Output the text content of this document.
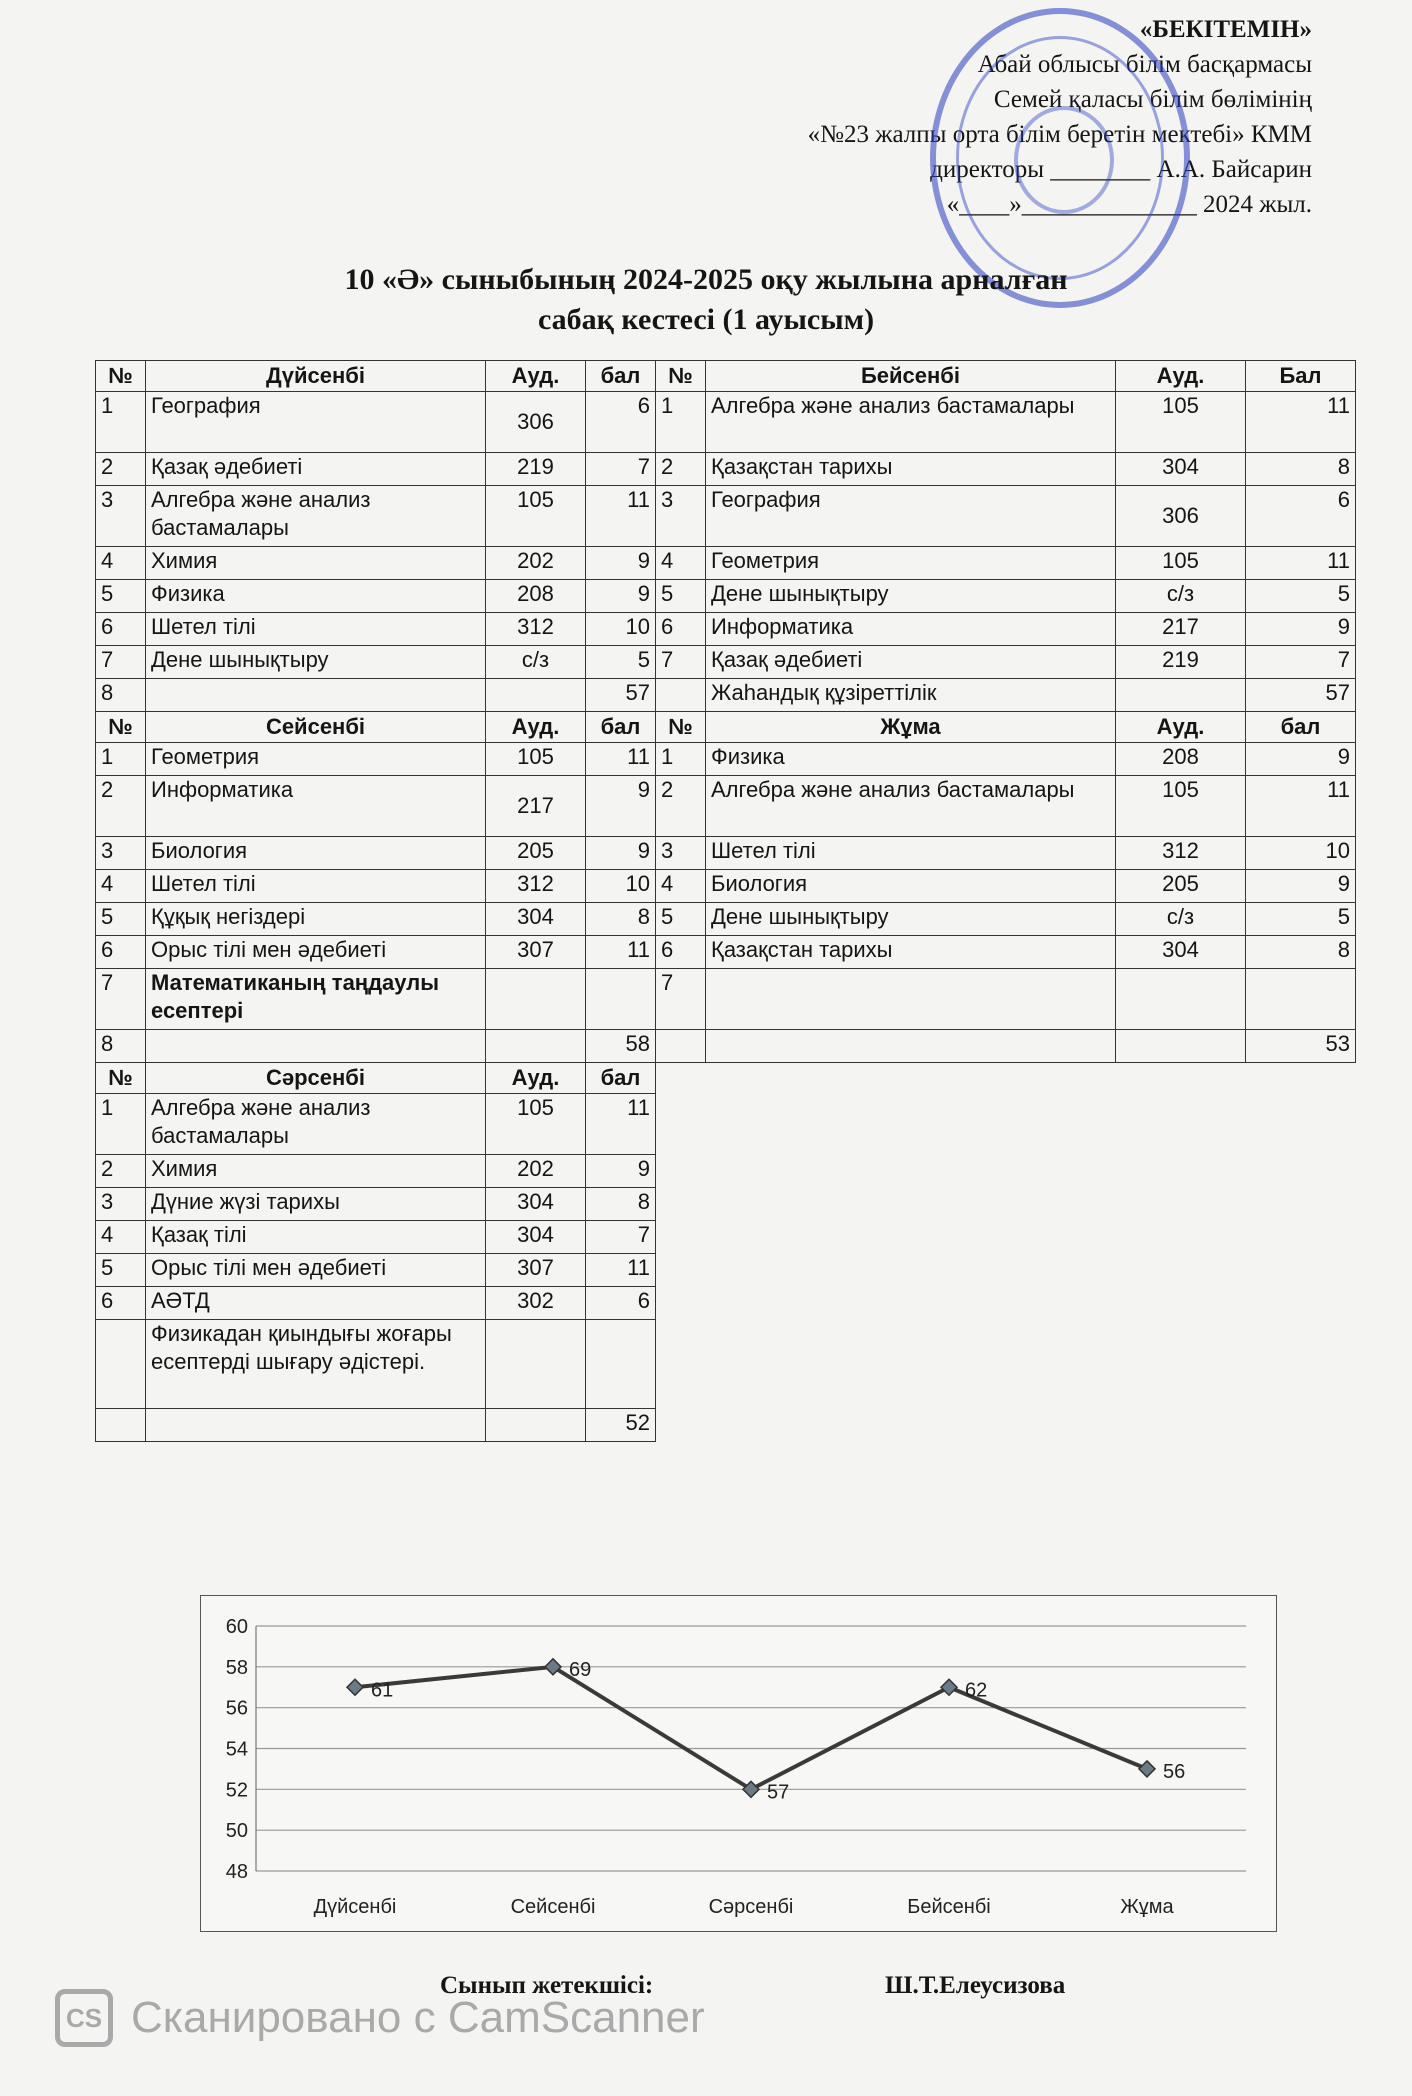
«БЕКІТЕМІН»
Абай облысы білім басқармасы
Семей қаласы білім бөлімінің
«№23 жалпы орта білім беретін мектебі» КММ
директоры ________ А.А. Байсарин
«____»______________ 2024 жыл.
10 «Ә» сыныбының 2024-2025 оқу жылына арналған
сабақ кестесі (1 ауысым)
№	Дүйсенбі	Ауд.	бал	№	Бейсенбі	Ауд.	Бал
1	География	306	6	1	Алгебра және анализ бастамалары	105	11
2	Қазақ әдебиеті	219	7	2	Қазақстан тарихы	304	8
3	Алгебра және анализ бастамалары	105	11	3	География	306	6
4	Химия	202	9	4	Геометрия	105	11
5	Физика	208	9	5	Дене шынықтыру	с/з	5
6	Шетел тілі	312	10	6	Информатика	217	9
7	Дене шынықтыру	с/з	5	7	Қазақ әдебиеті	219	7
8			57		Жаһандық құзіреттілік		57
№	Сейсенбі	Ауд.	бал	№	Жұма	Ауд.	бал
1	Геометрия	105	11	1	Физика	208	9
2	Информатика	217	9	2	Алгебра және анализ бастамалары	105	11
3	Биология	205	9	3	Шетел тілі	312	10
4	Шетел тілі	312	10	4	Биология	205	9
5	Құқық негіздері	304	8	5	Дене шынықтыру	с/з	5
6	Орыс тілі мен әдебиеті	307	11	6	Қазақстан тарихы	304	8
7	Математиканың таңдаулы есептері			7			
8			58				53
№	Сәрсенбі	Ауд.	бал				
1	Алгебра және анализ бастамалары	105	11				
2	Химия	202	9				
3	Дүние жүзі тарихы	304	8				
4	Қазақ тілі	304	7				
5	Орыс тілі мен әдебиеті	307	11				
6	АӘТД	302	6				
	Физикадан қиындығы жоғары есептерді шығару әдістері.						
			52				
48
50
52
54
56
58
60
Дүйсенбі	Сейсенбі	Сәрсенбі	Бейсенбі	Жұма
61
69
57
62
56
Сынып жетекшісі:	Ш.Т.Елеусизова
CS Сканировано с CamScanner
